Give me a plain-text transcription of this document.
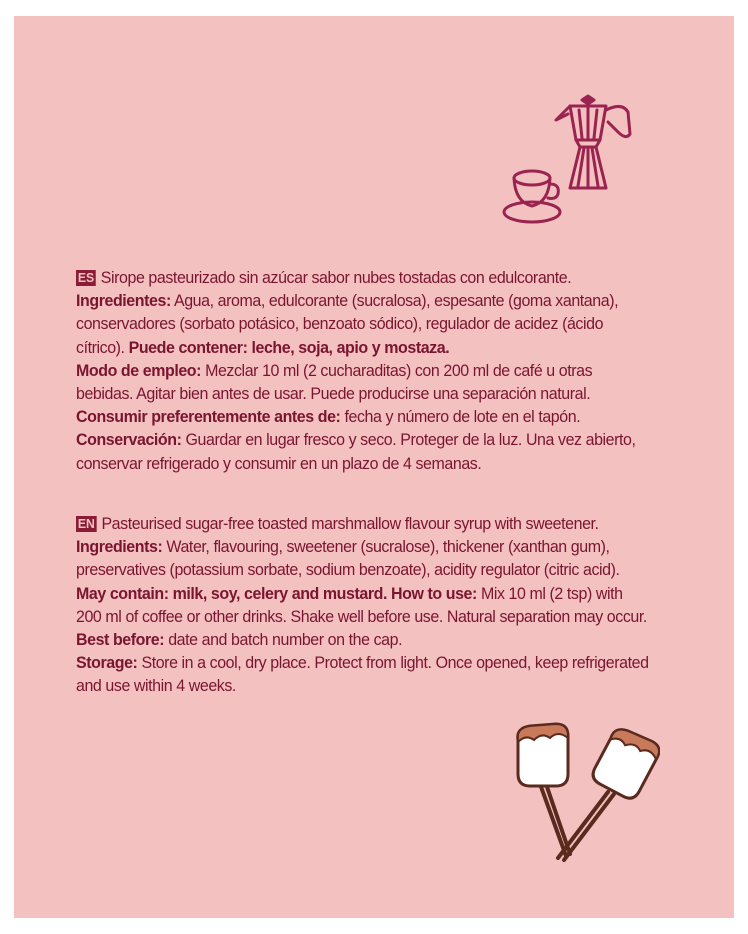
ES Sirope pasteurizado sin azúcar sabor nubes tostadas con edulcorante.
Ingredientes: Agua, aroma, edulcorante (sucralosa), espesante (goma xantana), conservadores (sorbato potásico, benzoato sódico), regulador de acidez (ácido cítrico). Puede contener: leche, soja, apio y mostaza.
Modo de empleo: Mezclar 10 ml (2 cucharaditas) con 200 ml de café u otras bebidas. Agitar bien antes de usar. Puede producirse una separación natural.
Consumir preferentemente antes de: fecha y número de lote en el tapón.
Conservación: Guardar en lugar fresco y seco. Proteger de la luz. Una vez abierto, conservar refrigerado y consumir en un plazo de 4 semanas.
EN Pasteurised sugar-free toasted marshmallow flavour syrup with sweetener.
Ingredients: Water, flavouring, sweetener (sucralose), thickener (xanthan gum), preservatives (potassium sorbate, sodium benzoate), acidity regulator (citric acid). May contain: milk, soy, celery and mustard. How to use: Mix 10 ml (2 tsp) with 200 ml of coffee or other drinks. Shake well before use. Natural separation may occur. Best before: date and batch number on the cap.
Storage: Store in a cool, dry place. Protect from light. Once opened, keep refrigerated and use within 4 weeks.
